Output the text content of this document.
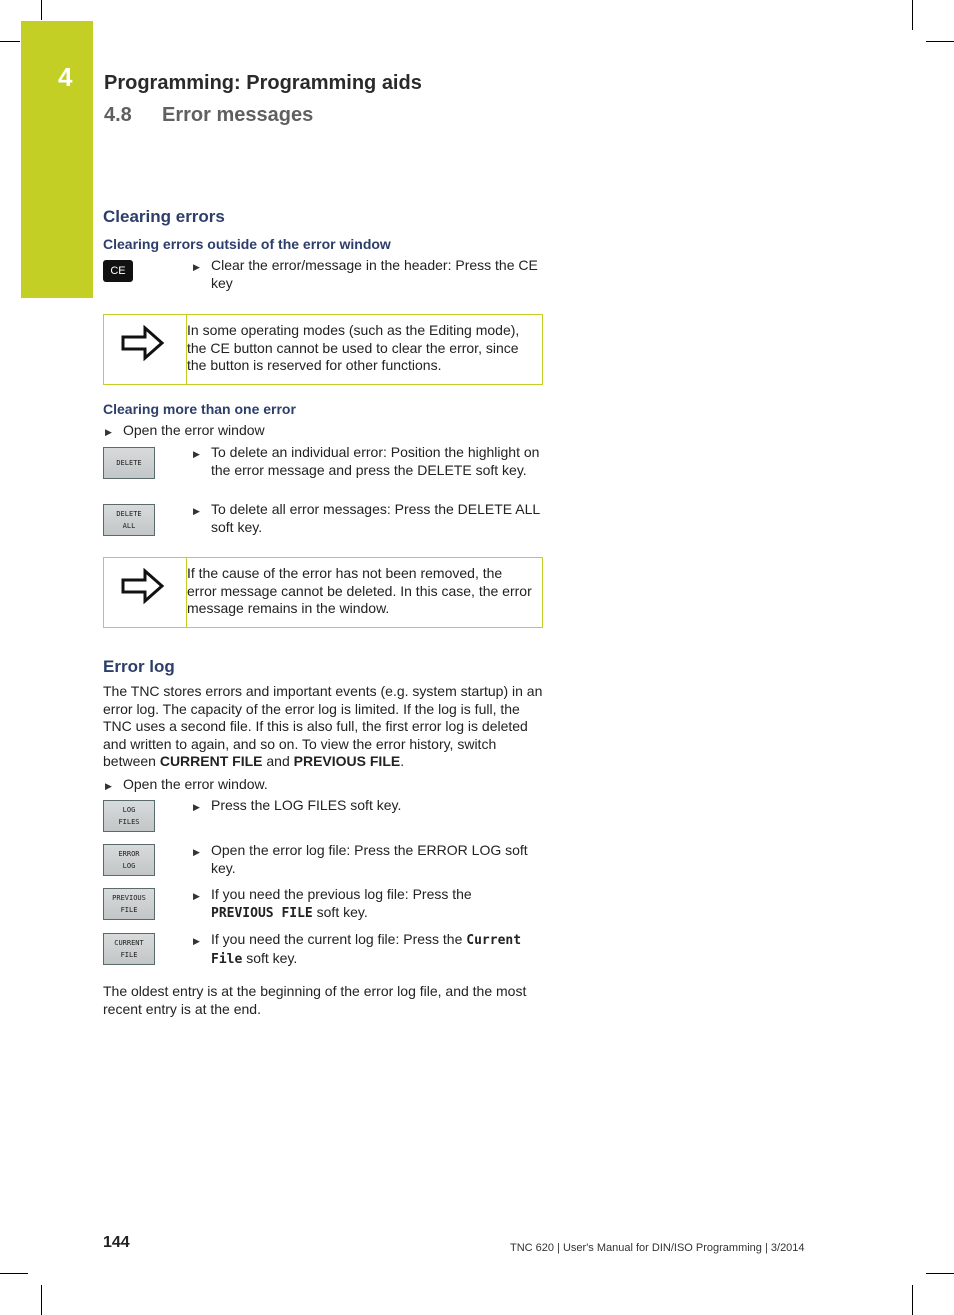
4 Programming: Programming aids
4.8 Error messages
Clearing errors
Clearing errors outside of the error window
CE
▶	Clear the error/message in the header: Press the CE key
In some operating modes (such as the Editing mode), the CE button cannot be used to clear the error, since the button is reserved for other functions.
Clearing more than one error
▶ Open the error window
DELETE
▶ To delete an individual error: Position the highlight on the error message and press the DELETE soft key.
DELETE
ALL
▶ To delete all error messages: Press the DELETE ALL soft key.
If the cause of the error has not been removed, the error message cannot be deleted. In this case, the error message remains in the window.
Error log
The TNC stores errors and important events (e.g. system startup) in an error log. The capacity of the error log is limited. If the log is full, the TNC uses a second file. If this is also full, the first error log is deleted and written to again, and so on. To view the error history, switch between CURRENT FILE and PREVIOUS FILE.
▶ Open the error window.
LOG
FILES
▶ Press the LOG FILES soft key.
ERROR
LOG
▶ Open the error log file: Press the ERROR LOG soft key.
PREVIOUS
FILE
▶ If you need the previous log file: Press the PREVIOUS FILE soft key.
CURRENT
FILE
▶ If you need the current log file: Press the Current File soft key.
The oldest entry is at the beginning of the error log file, and the most recent entry is at the end.
144	TNC 620 | User's Manual for DIN/ISO Programming | 3/2014
